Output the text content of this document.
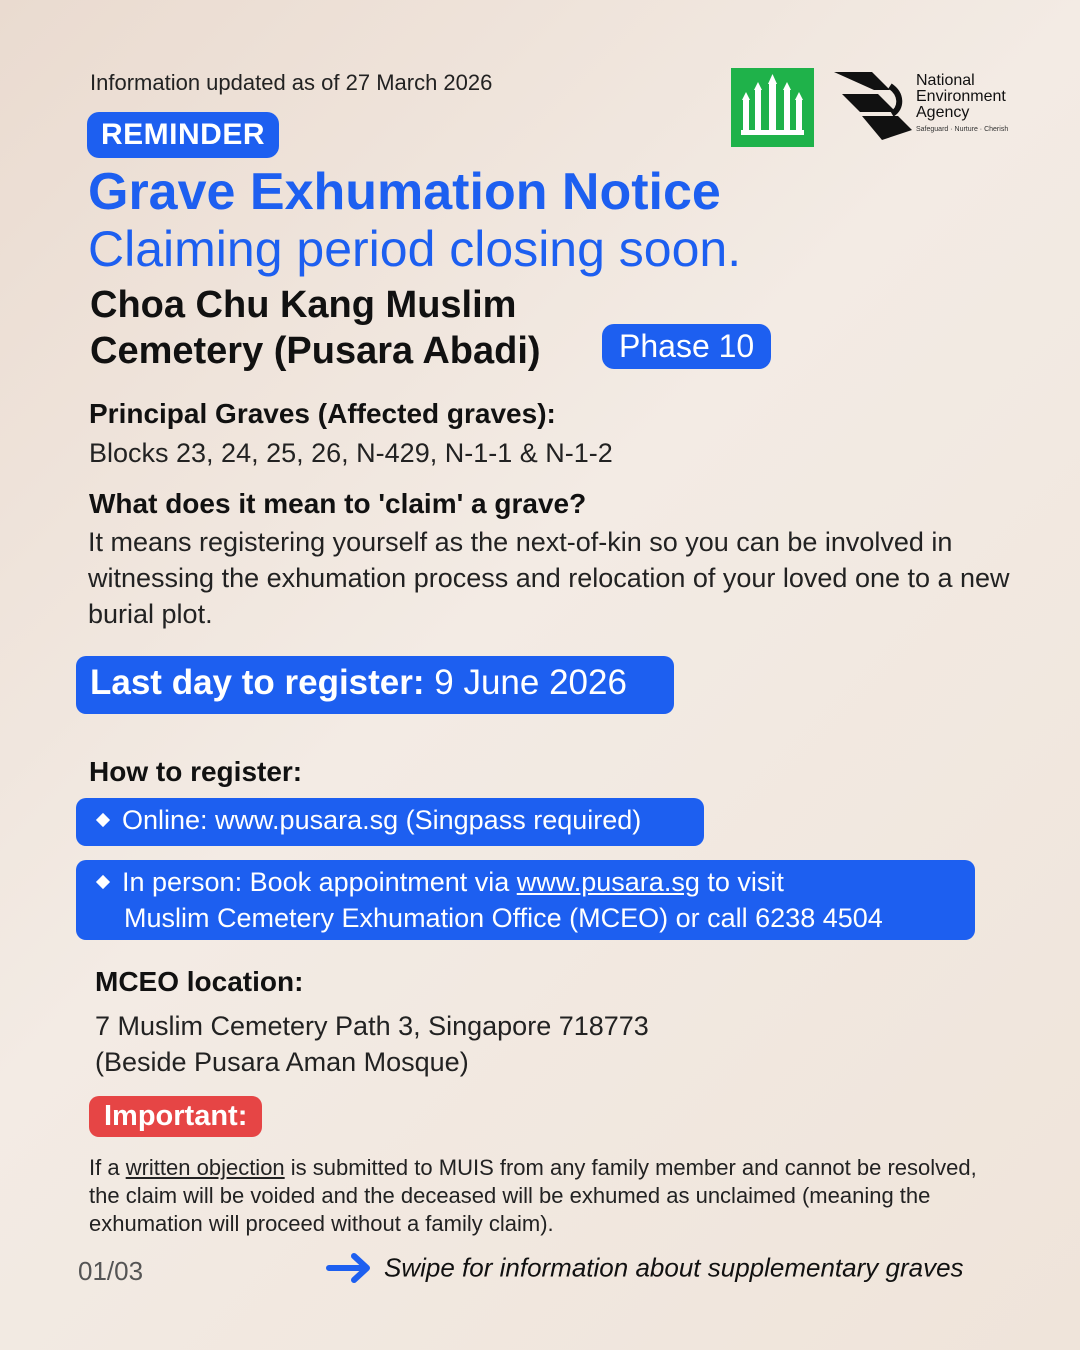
Information updated as of 27 March 2026	National
Environment
Agency
Safeguard · Nurture · Cherish
REMINDER
Grave Exhumation Notice
Claiming period closing soon.
Choa Chu Kang Muslim
Cemetery (Pusara Abadi)	Phase 10
Principal Graves (Affected graves):
Blocks 23, 24, 25, 26, N-429, N-1-1 & N-1-2
What does it mean to 'claim' a grave?
It means registering yourself as the next-of-kin so you can be involved in witnessing the exhumation process and relocation of your loved one to a new burial plot.
Last day to register: 9 June 2026
How to register:
Online: www.pusara.sg (Singpass required)
In person: Book appointment via www.pusara.sg to visit
Muslim Cemetery Exhumation Office (MCEO) or call 6238 4504
MCEO location:
7 Muslim Cemetery Path 3, Singapore 718773
(Beside Pusara Aman Mosque)
Important:
If a written objection is submitted to MUIS from any family member and cannot be resolved, the claim will be voided and the deceased will be exhumed as unclaimed (meaning the exhumation will proceed without a family claim).
01/03	Swipe for information about supplementary graves
